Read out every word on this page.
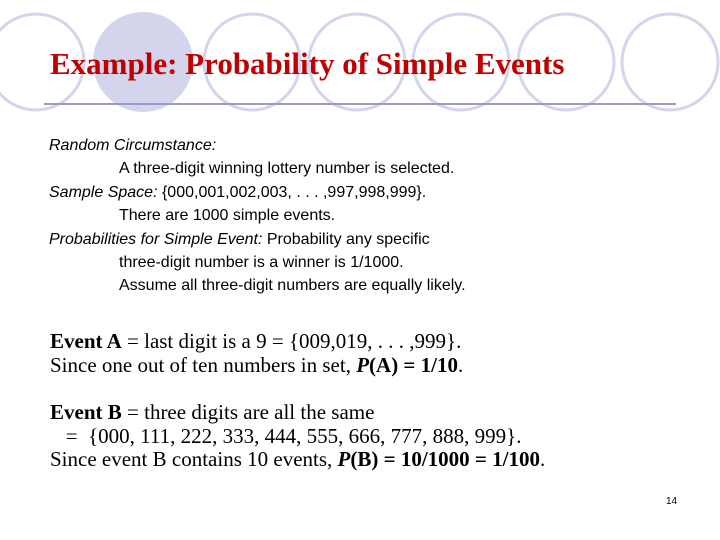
Example: Probability of Simple Events
Random Circumstance:
A three-digit winning lottery number is selected.
Sample Space: {000,001,002,003, . . . ,997,998,999}.
There are 1000 simple events.
Probabilities for Simple Event: Probability any specific
three-digit number is a winner is 1/1000.
Assume all three-digit numbers are equally likely.
Event A = last digit is a 9 = {009,019, . . . ,999}.
Since one out of ten numbers in set, P(A) = 1/10.
Event B = three digits are all the same
=  {000, 111, 222, 333, 444, 555, 666, 777, 888, 999}.
Since event B contains 10 events, P(B) = 10/1000 = 1/100.
14
